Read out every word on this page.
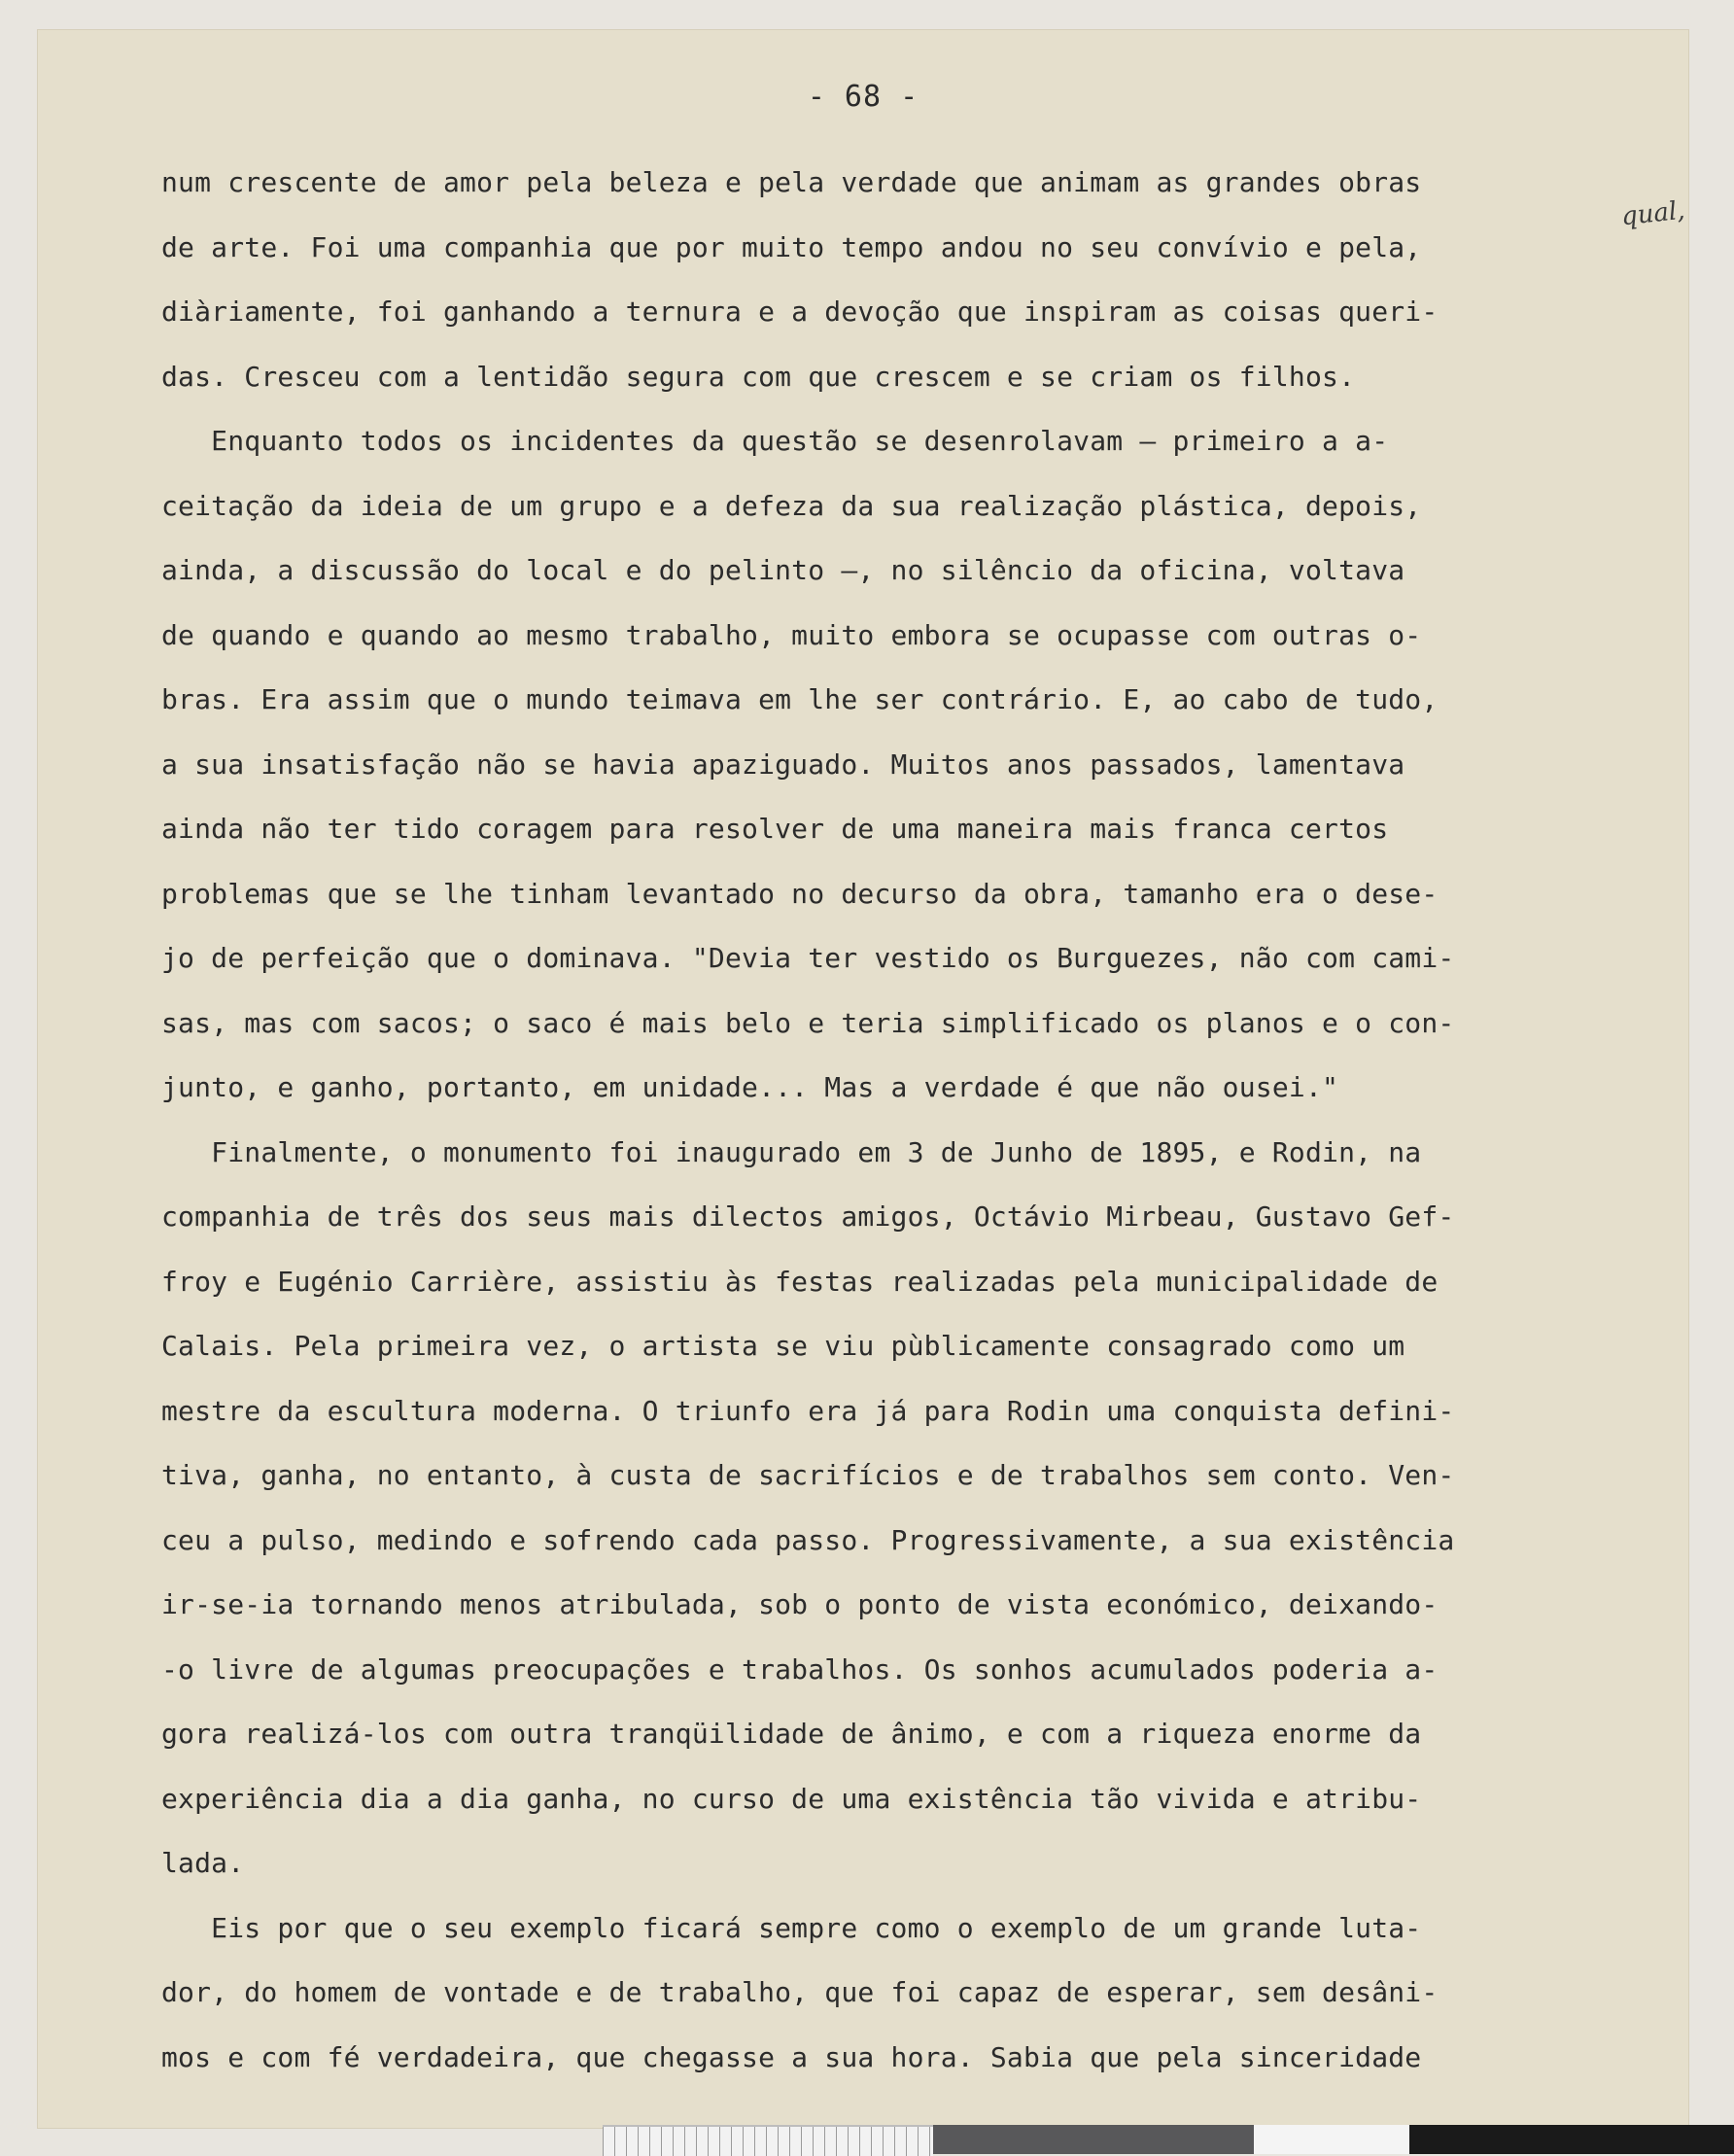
- 68 -
qual,
num crescente de amor pela beleza e pela verdade que animam as grandes obras
de arte. Foi uma companhia que por muito tempo andou no seu convívio e pela,
diàriamente, foi ganhando a ternura e a devoção que inspiram as coisas queri-
das. Cresceu com a lentidão segura com que crescem e se criam os filhos.
Enquanto todos os incidentes da questão se desenrolavam — primeiro a a-
ceitação da ideia de um grupo e a defeza da sua realização plástica, depois,
ainda, a discussão do local e do pelinto —, no silêncio da oficina, voltava
de quando e quando ao mesmo trabalho, muito embora se ocupasse com outras o-
bras. Era assim que o mundo teimava em lhe ser contrário. E, ao cabo de tudo,
a sua insatisfação não se havia apaziguado. Muitos anos passados, lamentava
ainda não ter tido coragem para resolver de uma maneira mais franca certos
problemas que se lhe tinham levantado no decurso da obra, tamanho era o dese-
jo de perfeição que o dominava. "Devia ter vestido os Burguezes, não com cami-
sas, mas com sacos; o saco é mais belo e teria simplificado os planos e o con-
junto, e ganho, portanto, em unidade... Mas a verdade é que não ousei."
Finalmente, o monumento foi inaugurado em 3 de Junho de 1895, e Rodin, na
companhia de três dos seus mais dilectos amigos, Octávio Mirbeau, Gustavo Gef-
froy e Eugénio Carrière, assistiu às festas realizadas pela municipalidade de
Calais. Pela primeira vez, o artista se viu pùblicamente consagrado como um
mestre da escultura moderna. O triunfo era já para Rodin uma conquista defini-
tiva, ganha, no entanto, à custa de sacrifícios e de trabalhos sem conto. Ven-
ceu a pulso, medindo e sofrendo cada passo. Progressivamente, a sua existência
ir-se-ia tornando menos atribulada, sob o ponto de vista económico, deixando-
-o livre de algumas preocupações e trabalhos. Os sonhos acumulados poderia a-
gora realizá-los com outra tranqüilidade de ânimo, e com a riqueza enorme da
experiência dia a dia ganha, no curso de uma existência tão vivida e atribu-
lada.
Eis por que o seu exemplo ficará sempre como o exemplo de um grande luta-
dor, do homem de vontade e de trabalho, que foi capaz de esperar, sem desâni-
mos e com fé verdadeira, que chegasse a sua hora. Sabia que pela sinceridade
